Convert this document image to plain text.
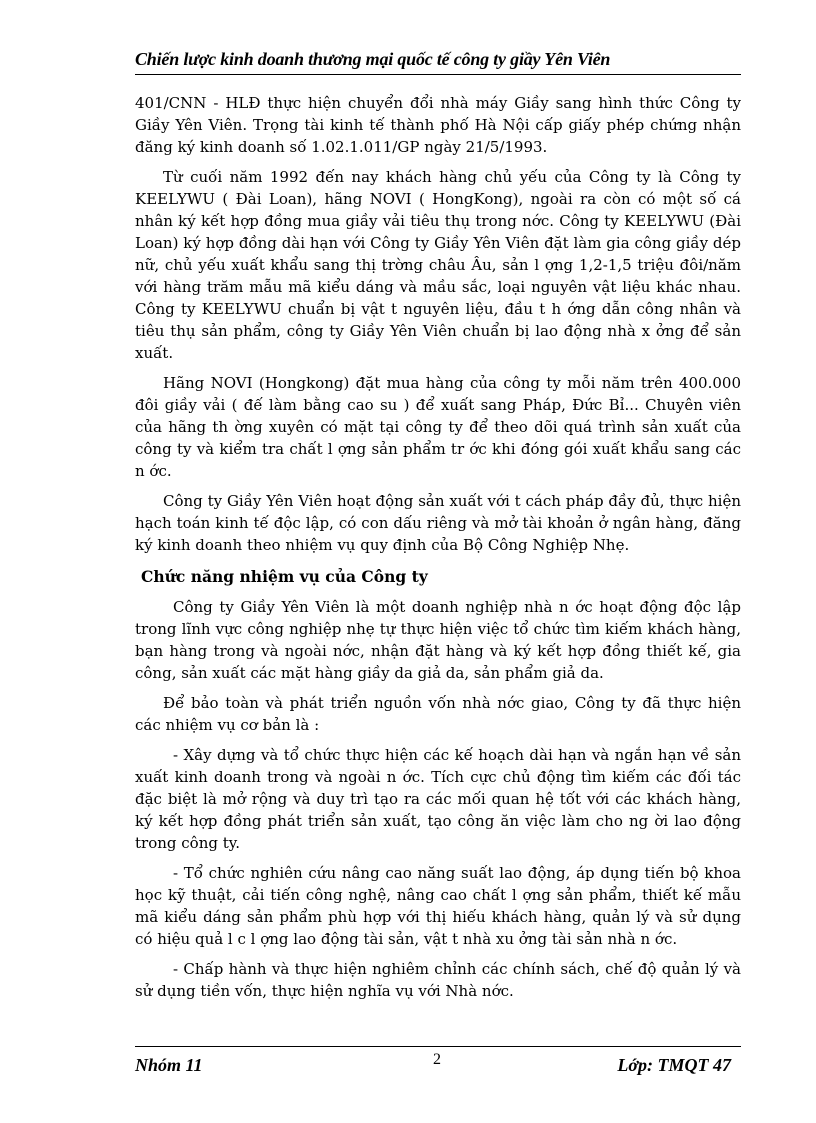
Chiến lược kinh doanh thương mại quốc tế công ty giầy Yên Viên

401/CNN - HLĐ thực hiện chuyển đổi nhà máy Giầy sang hình thức Công ty Giầy Yên Viên. Trọng tài kinh tế thành phố Hà Nội cấp giấy phép chứng nhận đăng ký kinh doanh số 1.02.1.011/GP ngày 21/5/1993.

Từ cuối năm 1992 đến nay khách hàng chủ yếu của Công ty là Công ty KEELYWU ( Đài Loan), hãng NOVI ( HongKong), ngoài ra còn có một số cá nhân ký kết hợp đồng mua giầy vải tiêu thụ trong nớc. Công ty KEELYWU (Đài Loan) ký hợp đồng dài hạn với Công ty Giầy Yên Viên đặt làm gia công giầy dép nữ, chủ yếu xuất khẩu sang thị trờng châu Âu, sản l ợng 1,2-1,5 triệu đôi/năm với hàng trăm mẫu mã kiểu dáng và mầu sắc, loại nguyên vật liệu khác nhau. Công ty KEELYWU chuẩn bị vật t nguyên liệu, đầu t h ớng dẫn công nhân và tiêu thụ sản phẩm, công ty Giầy Yên Viên chuẩn bị lao động nhà x ởng để sản xuất.

Hãng NOVI (Hongkong) đặt mua hàng của công ty mỗi năm trên 400.000 đôi giầy vải ( đế làm bằng cao su ) để xuất sang Pháp, Đức Bỉ... Chuyên viên của hãng th ờng xuyên có mặt tại công ty để theo dõi quá trình sản xuất của công ty và kiểm tra chất l ợng sản phẩm tr ớc khi đóng gói xuất khẩu sang các n ớc.

Công ty Giầy Yên Viên hoạt động sản xuất với t cách pháp đầy đủ, thực hiện hạch toán kinh tế độc lập, có con dấu riêng và mở tài khoản ở ngân hàng, đăng ký kinh doanh theo nhiệm vụ quy định của Bộ Công Nghiệp Nhẹ.

Chức năng nhiệm vụ của Công ty

Công ty Giầy Yên Viên là một doanh nghiệp nhà n ớc hoạt động độc lập trong lĩnh vực công nghiệp nhẹ tự thực hiện việc tổ chức tìm kiếm khách hàng, bạn hàng trong và ngoài nớc, nhận đặt hàng và ký kết hợp đồng thiết kế, gia công, sản xuất các mặt hàng giầy da giả da, sản phẩm giả da.

Để bảo toàn và phát triển nguồn vốn nhà nớc giao, Công ty đã thực hiện các nhiệm vụ cơ bản là :

- Xây dựng và tổ chức thực hiện các kế hoạch dài hạn và ngắn hạn về sản xuất kinh doanh trong và ngoài n ớc. Tích cực chủ động tìm kiếm các đối tác đặc biệt là mở rộng và duy trì tạo ra các mối quan hệ tốt với các khách hàng, ký kết hợp đồng phát triển sản xuất, tạo công ăn việc làm cho ng ời lao động trong công ty.

- Tổ chức nghiên cứu nâng cao năng suất lao động, áp dụng tiến bộ khoa học kỹ thuật, cải tiến công nghệ, nâng cao chất l ợng sản phẩm, thiết kế mẫu mã kiểu dáng sản phẩm phù hợp với thị hiếu khách hàng, quản lý và sử dụng có hiệu quả l c l ợng lao động tài sản, vật t nhà xu ởng tài sản nhà n ớc.

- Chấp hành và thực hiện nghiêm chỉnh các chính sách, chế độ quản lý và sử dụng tiền vốn, thực hiện nghĩa vụ với Nhà nớc.

Nhóm 11	2	Lớp: TMQT 47
